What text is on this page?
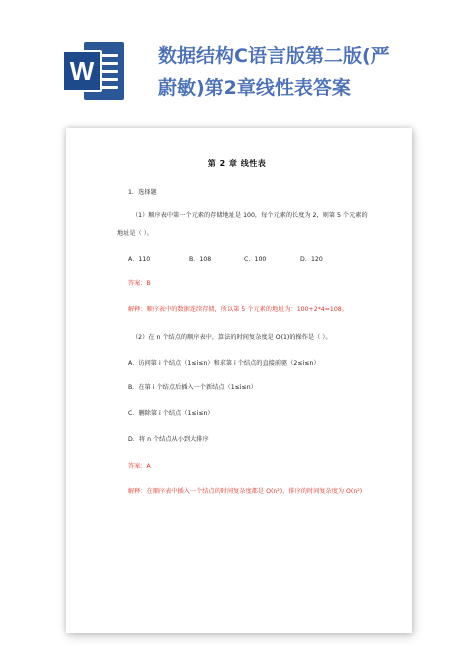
W	数据结构C语言版第二版(严
蔚敏)第2章线性表答案
第 2 章 线性表
1．选择题
（1）顺序表中第一个元素的存储地址是 100，每个元素的长度为 2，则第 5 个元素的
地址是（ ）。
A．110	B．108	C．100	D．120
答案：B
解释：顺序表中的数据连续存储，所以第 5 个元素的地址为：100+2*4=108。
（2）在 n 个结点的顺序表中，算法的时间复杂度是 O(1)的操作是（ ）。
A．访问第 i 个结点（1≤i≤n）和求第 i 个结点的直接前驱（2≤i≤n）
B．在第 i 个结点后插入一个新结点（1≤i≤n）
C．删除第 i 个结点（1≤i≤n）
D．将 n 个结点从小到大排序
答案：A
解释：在顺序表中插入一个结点的时间复杂度都是 O(n²)，排序的时间复杂度为 O(n²)
